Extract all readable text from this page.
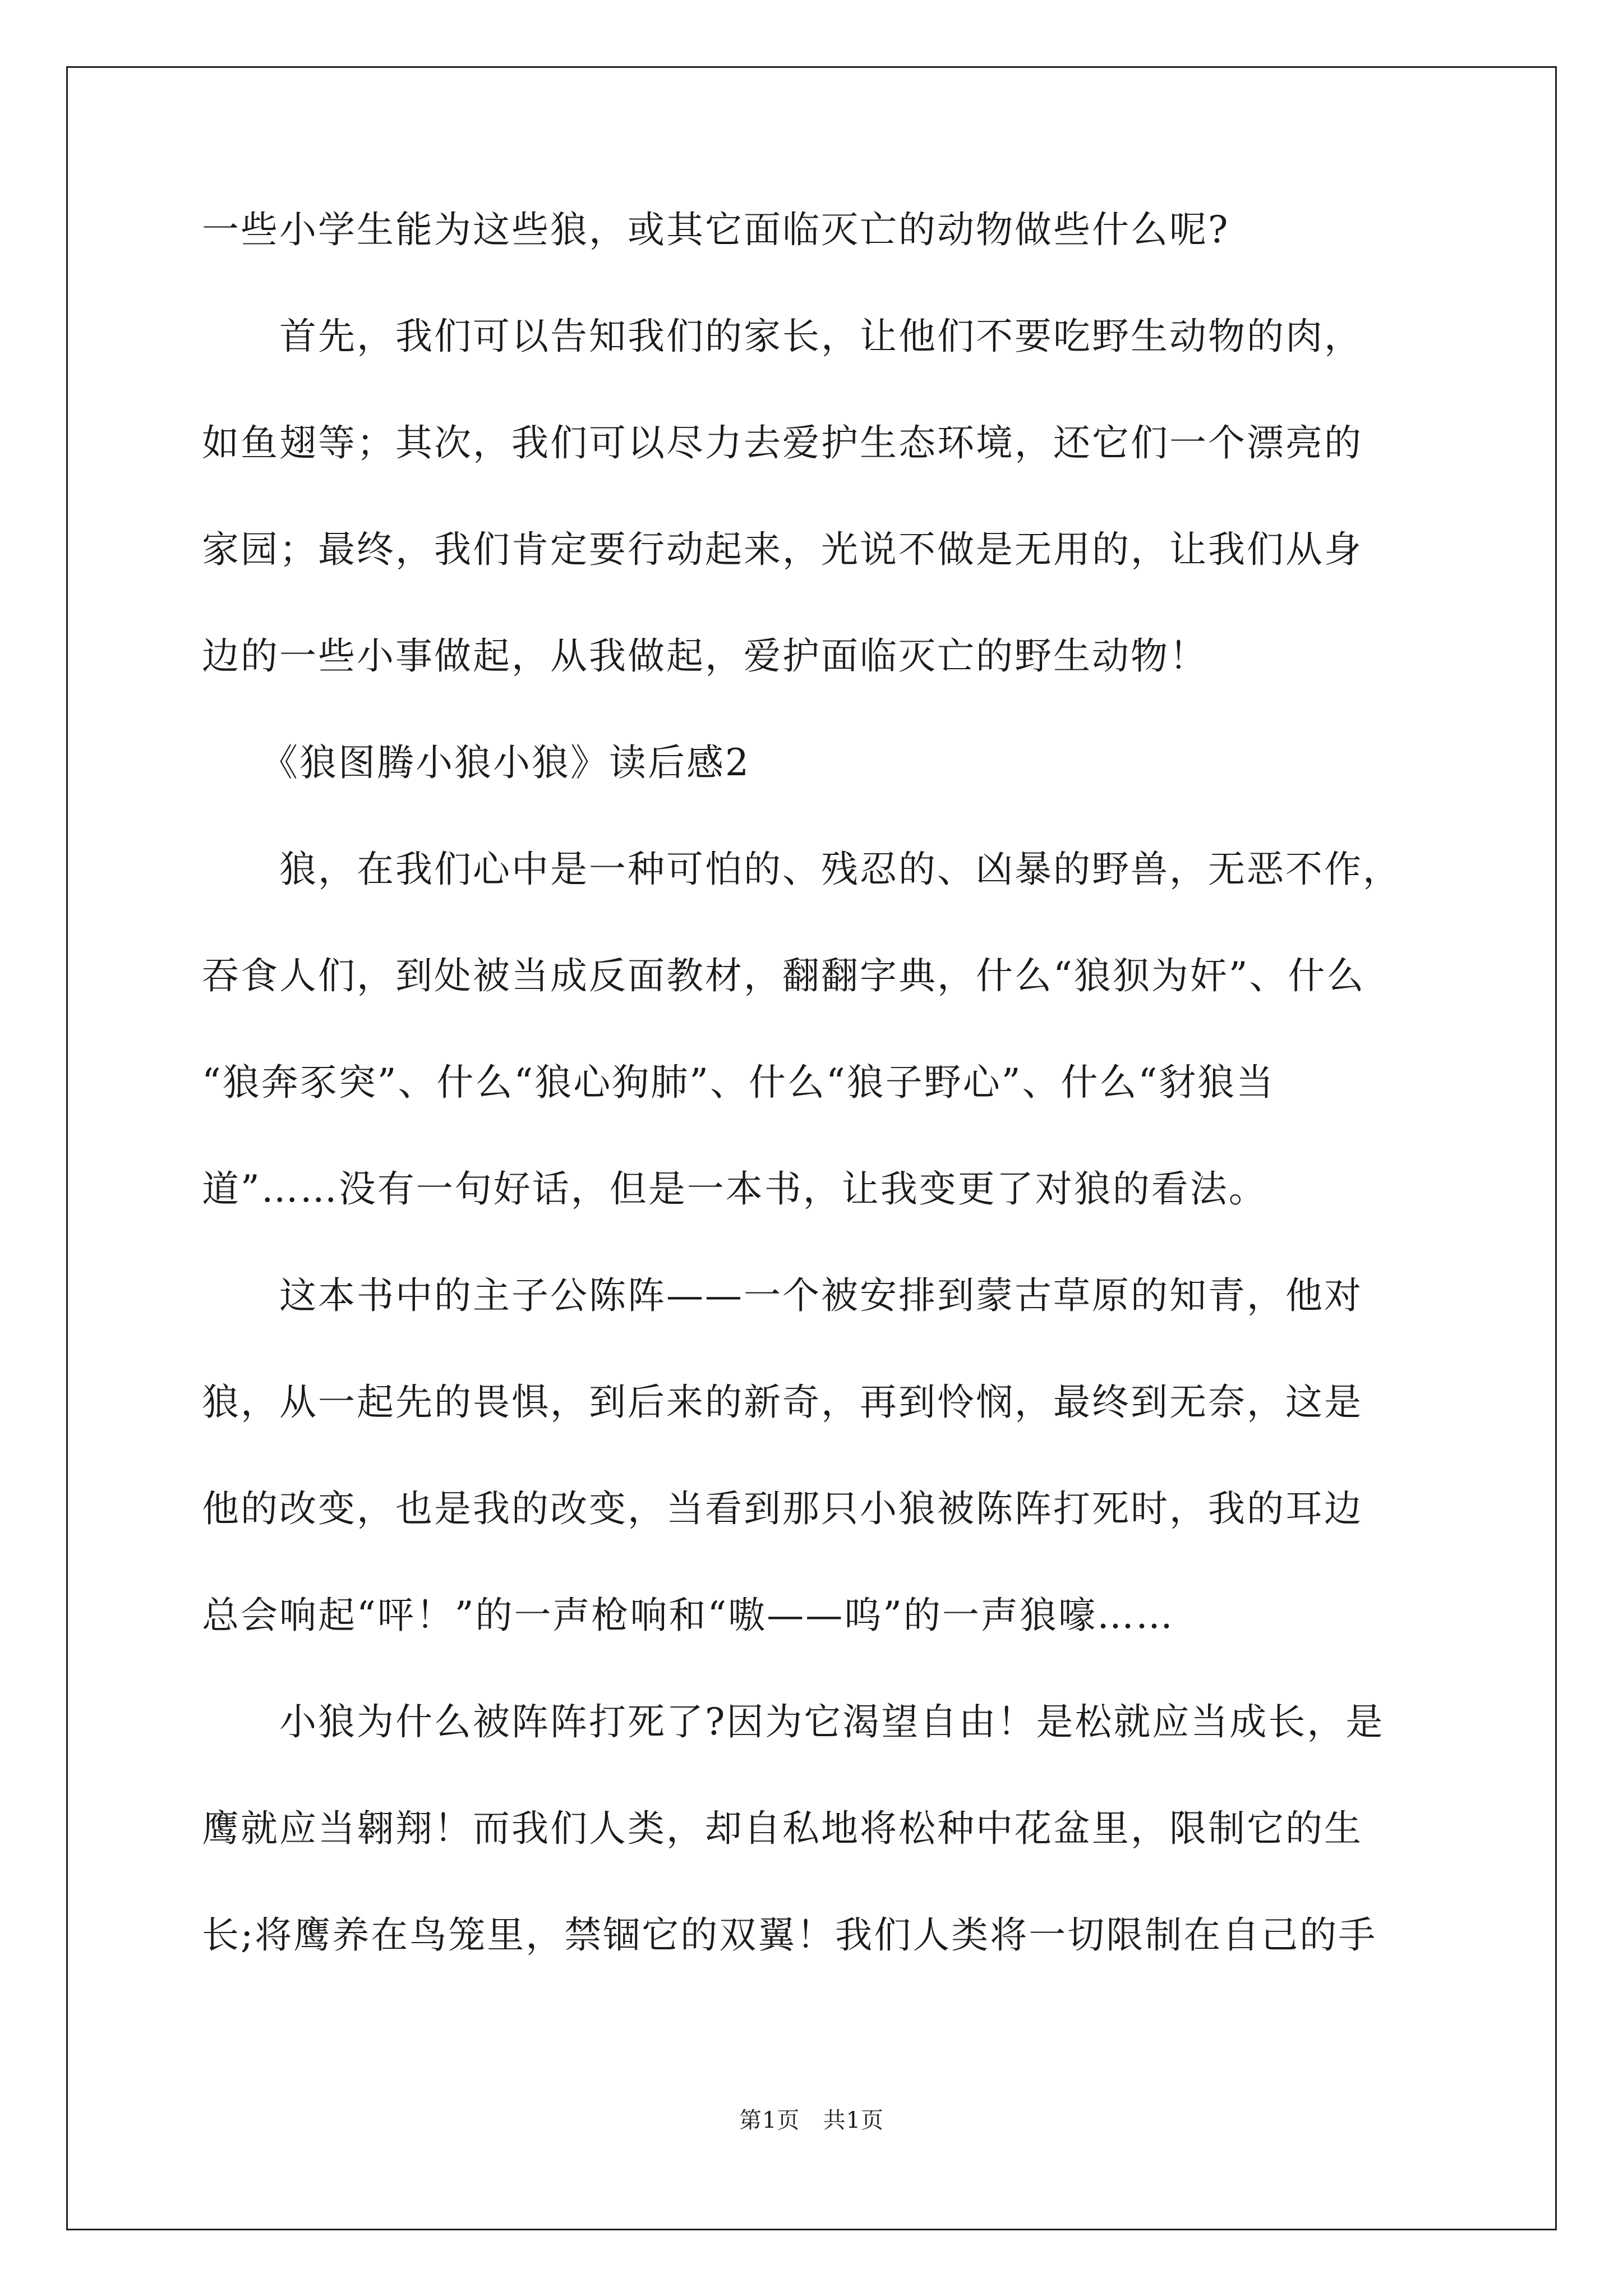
一些小学生能为这些狼，或其它面临灭亡的动物做些什么呢?
　　首先，我们可以告知我们的家长，让他们不要吃野生动物的肉，
如鱼翅等；其次，我们可以尽力去爱护生态环境，还它们一个漂亮的
家园；最终，我们肯定要行动起来，光说不做是无用的，让我们从身
边的一些小事做起，从我做起，爱护面临灭亡的野生动物！
　　《狼图腾小狼小狼》读后感2
　　狼，在我们心中是一种可怕的、残忍的、凶暴的野兽，无恶不作，
吞食人们，到处被当成反面教材，翻翻字典，什么“狼狈为奸”、什么
“狼奔豕突”、什么“狼心狗肺”、什么“狼子野心”、什么“豺狼当
道”……没有一句好话，但是一本书，让我变更了对狼的看法。
　　这本书中的主子公陈阵——一个被安排到蒙古草原的知青，他对
狼，从一起先的畏惧，到后来的新奇，再到怜悯，最终到无奈，这是
他的改变，也是我的改变，当看到那只小狼被陈阵打死时，我的耳边
总会响起“呯！”的一声枪响和“嗷——呜”的一声狼嚎……
　　小狼为什么被阵阵打死了?因为它渴望自由！是松就应当成长，是
鹰就应当翱翔！而我们人类，却自私地将松种中花盆里，限制它的生
长;将鹰养在鸟笼里，禁锢它的双翼！我们人类将一切限制在自己的手
第1页 共1页
